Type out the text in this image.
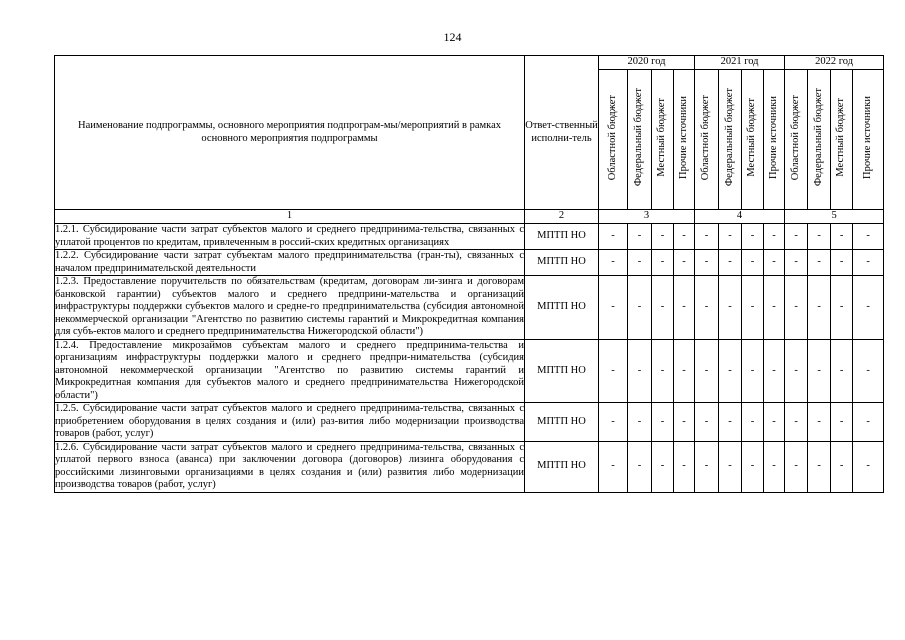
124
Наименование подпрограммы, основного мероприятия подпрограм-мы/мероприятий в рамках основного мероприятия подпрограммы	Ответ-ственный исполни-тель	2020 год				2021 год				2022 год			
		Областной бюджет	Федеральный бюджет	Местный бюджет	Прочие источники	Областной бюджет	Федеральный бюджет	Местный бюджет	Прочие источники	Областной бюджет	Федеральный бюджет	Местный бюджет	Прочие источники
1	2	3				4				5			
1.2.1. Субсидирование части затрат субъектов малого и среднего предпринима-тельства, связанных с уплатой процентов по кредитам, привлеченным в россий-ских кредитных организациях	МПТП НО	-	-	-	-	-	-	-	-	-	-	-	-
1.2.2. Субсидирование части затрат субъектам малого предпринимательства (гран-ты), связанных с началом предпринимательской деятельности	МПТП НО	-	-	-	-	-	-	-	-	-	-	-	-
1.2.3. Предоставление поручительств по обязательствам (кредитам, договорам ли-зинга и договорам банковской гарантии) субъектов малого и среднего предприни-мательства и организаций инфраструктуры поддержки субъектов малого и средне-го предпринимательства (субсидия автономной некоммерческой организации "Агентство по развитию системы гарантий и Микрокредитная компания для субъ-ектов малого и среднего предпринимательства Нижегородской области")	МПТП НО	-	-	-	-	-	-	-	-	-	-	-	-
1.2.4. Предоставление микрозаймов субъектам малого и среднего предпринима-тельства и организациям инфраструктуры поддержки малого и среднего предпри-нимательства (субсидия автономной некоммерческой организации "Агентство по развитию системы гарантий и Микрокредитная компания для субъектов малого и среднего предпринимательства Нижегородской области")	МПТП НО	-	-	-	-	-	-	-	-	-	-	-	-
1.2.5. Субсидирование части затрат субъектов малого и среднего предпринима-тельства, связанных с приобретением оборудования в целях создания и (или) раз-вития либо модернизации производства товаров (работ, услуг)	МПТП НО	-	-	-	-	-	-	-	-	-	-	-	-
1.2.6. Субсидирование части затрат субъектов малого и среднего предпринима-тельства, связанных с уплатой первого взноса (аванса) при заключении договора (договоров) лизинга оборудования с российскими лизинговыми организациями в целях создания и (или) развития либо модернизации производства товаров (работ, услуг)	МПТП НО	-	-	-	-	-	-	-	-	-	-	-	-
